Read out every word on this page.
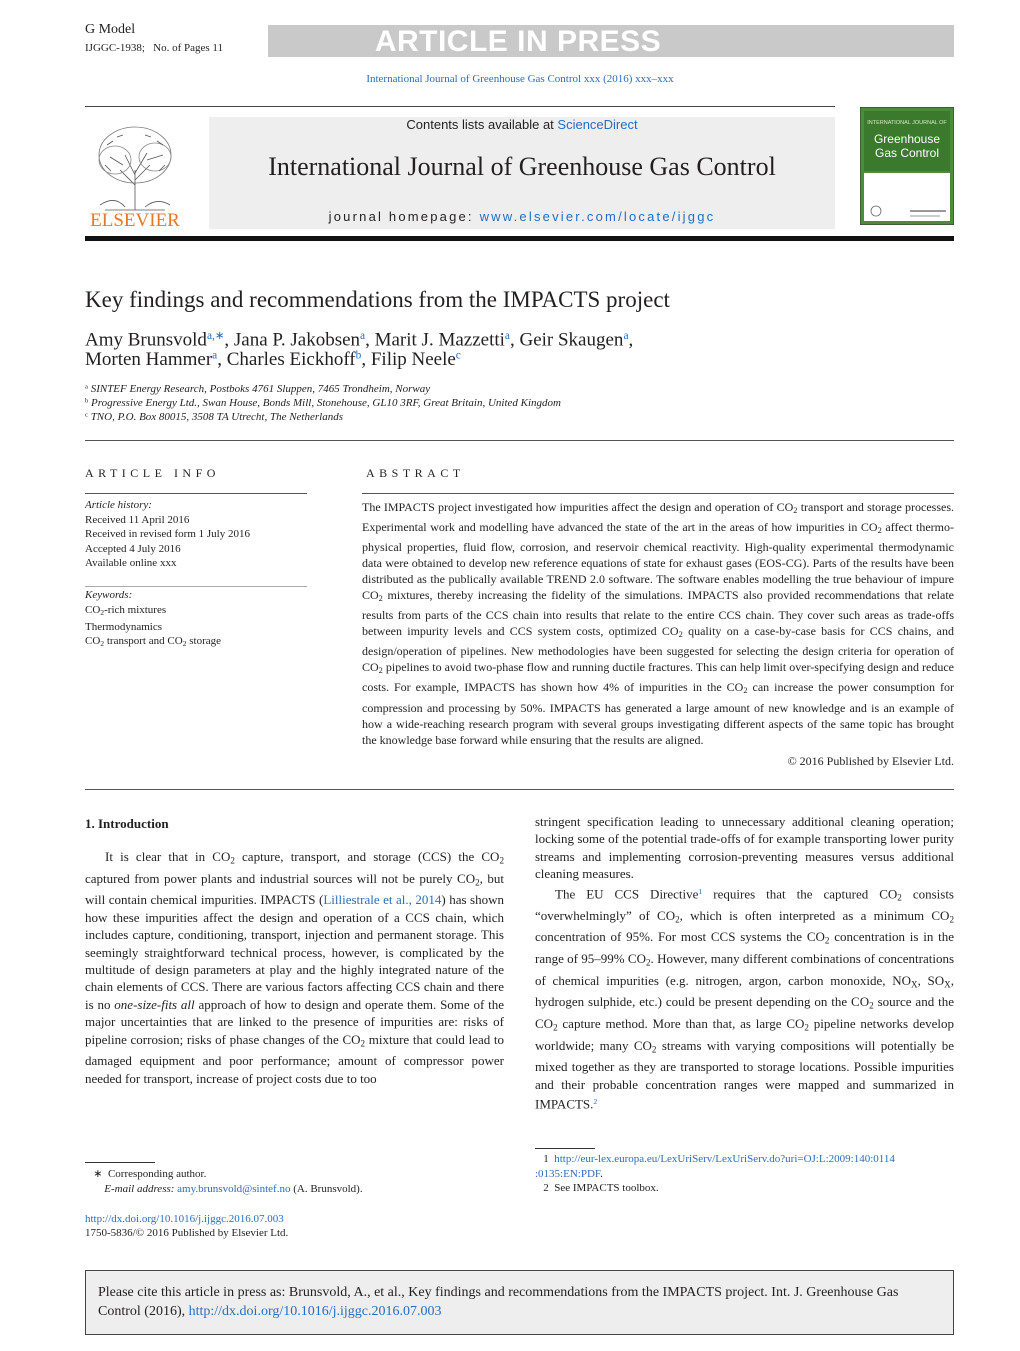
G Model
IJGGC-1938; No. of Pages 11	ARTICLE IN PRESS
International Journal of Greenhouse Gas Control xxx (2016) xxx–xxx
ELSEVIER
Contents lists available at ScienceDirect
International Journal of Greenhouse Gas Control
journal homepage: www.elsevier.com/locate/ijggc
INTERNATIONAL JOURNAL OF
Greenhouse
Gas Control
Key findings and recommendations from the IMPACTS project
Amy Brunsvold$^{a,∗}$, Jana P. Jakobsen$^a$, Marit J. Mazzetti$^a$, Geir Skaugen$^a$,
Morten Hammer$^a$, Charles Eickhoff$^b$, Filip Neele$^c$
$^a$ SINTEF Energy Research, Postboks 4761 Sluppen, 7465 Trondheim, Norway
$^b$ Progressive Energy Ltd., Swan House, Bonds Mill, Stonehouse, GL10 3RF, Great Britain, United Kingdom
$^c$ TNO, P.O. Box 80015, 3508 TA Utrecht, The Netherlands
ARTICLE INFO	ABSTRACT
Article history:
Received 11 April 2016
Received in revised form 1 July 2016
Accepted 4 July 2016
Available online xxx
Keywords:
$CO_2$-rich mixtures
Thermodynamics
$CO_2$ transport and $CO_2$ storage
The IMPACTS project investigated how impurities affect the design and operation of $CO_2$ transport and storage processes. Experimental work and modelling have advanced the state of the art in the areas of how impurities in $CO_2$ affect thermo-physical properties, fluid flow, corrosion, and reservoir chemical reactivity. High-quality experimental thermodynamic data were obtained to develop new reference equations of state for exhaust gases (EOS-CG). Parts of the results have been distributed as the publically available TREND 2.0 software. The software enables modelling the true behaviour of impure $CO_2$ mixtures, thereby increasing the fidelity of the simulations. IMPACTS also provided recommendations that relate results from parts of the CCS chain into results that relate to the entire CCS chain. They cover such areas as trade-offs between impurity levels and CCS system costs, optimized $CO_2$ quality on a case-by-case basis for CCS chains, and design/operation of pipelines. New methodologies have been suggested for selecting the design criteria for operation of $CO_2$ pipelines to avoid two-phase flow and running ductile fractures. This can help limit over-specifying design and reduce costs. For example, IMPACTS has shown how 4% of impurities in the $CO_2$ can increase the power consumption for compression and processing by 50%. IMPACTS has generated a large amount of new knowledge and is an example of how a wide-reaching research program with several groups investigating different aspects of the same topic has brought the knowledge base forward while ensuring that the results are aligned.
© 2016 Published by Elsevier Ltd.
1. Introduction
It is clear that in $CO_2$ capture, transport, and storage (CCS) the $CO_2$ captured from power plants and industrial sources will not be purely $CO_2$, but will contain chemical impurities. IMPACTS (Lilliestrale et al., 2014) has shown how these impurities affect the design and operation of a CCS chain, which includes capture, conditioning, transport, injection and permanent storage. This seemingly straightforward technical process, however, is complicated by the multitude of design parameters at play and the highly integrated nature of the chain elements of CCS. There are various factors affecting CCS chain and there is no one-size-fits all approach of how to design and operate them. Some of the major uncertainties that are linked to the presence of impurities are: risks of pipeline corrosion; risks of phase changes of the $CO_2$ mixture that could lead to damaged equipment and poor performance; amount of compressor power needed for transport, increase of project costs due to too
stringent specification leading to unnecessary additional cleaning operation; locking some of the potential trade-offs of for example transporting lower purity streams and implementing corrosion-preventing measures versus additional cleaning measures.
The EU CCS Directive$^1$ requires that the captured $CO_2$ consists “overwhelmingly” of $CO_2$, which is often interpreted as a minimum $CO_2$ concentration of 95%. For most CCS systems the $CO_2$ concentration is in the range of 95–99% $CO_2$. However, many different combinations of concentrations of chemical impurities (e.g. nitrogen, argon, carbon monoxide, $NO_X$, $SO_X$, hydrogen sulphide, etc.) could be present depending on the $CO_2$ source and the $CO_2$ capture method. More than that, as large $CO_2$ pipeline networks develop worldwide; many $CO_2$ streams with varying compositions will potentially be mixed together as they are transported to storage locations. Possible impurities and their probable concentration ranges were mapped and summarized in IMPACTS.$^2$
∗ Corresponding author.
E-mail address: amy.brunsvold@sintef.no (A. Brunsvold).
1 http://eur-lex.europa.eu/LexUriServ/LexUriServ.do?uri=OJ:L:2009:140:0114
:0135:EN:PDF.
2 See IMPACTS toolbox.
http://dx.doi.org/10.1016/j.ijggc.2016.07.003
1750-5836/© 2016 Published by Elsevier Ltd.
Please cite this article in press as: Brunsvold, A., et al., Key findings and recommendations from the IMPACTS project. Int. J. Greenhouse Gas Control (2016), http://dx.doi.org/10.1016/j.ijggc.2016.07.003
